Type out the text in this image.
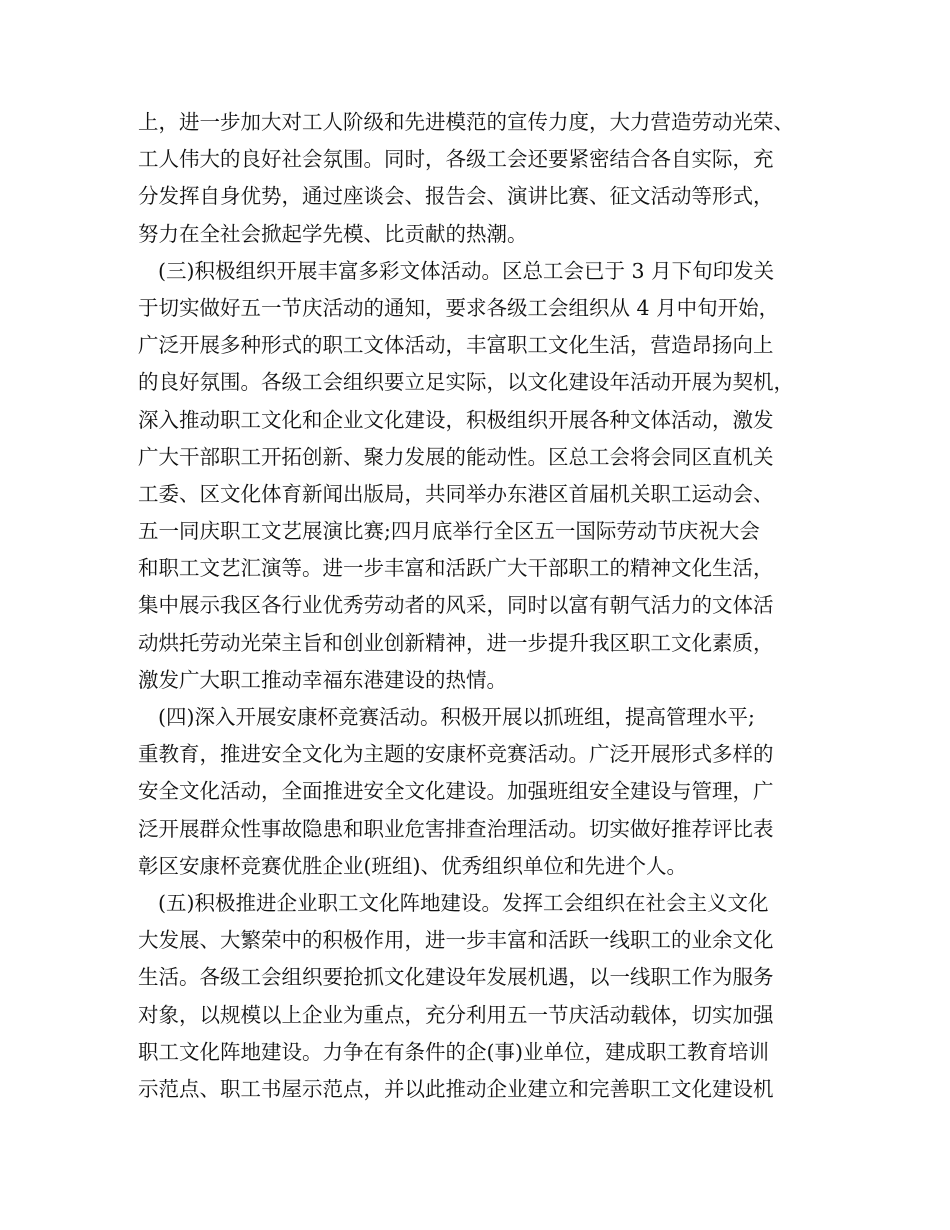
上，进一步加大对工人阶级和先进模范的宣传力度，大力营造劳动光荣、
工人伟大的良好社会氛围。同时，各级工会还要紧密结合各自实际，充
分发挥自身优势，通过座谈会、报告会、演讲比赛、征文活动等形式，
努力在全社会掀起学先模、比贡献的热潮。
(三)积极组织开展丰富多彩文体活动。区总工会已于 3 月下旬印发关
于切实做好五一节庆活动的通知，要求各级工会组织从 4 月中旬开始，
广泛开展多种形式的职工文体活动，丰富职工文化生活，营造昂扬向上
的良好氛围。各级工会组织要立足实际，以文化建设年活动开展为契机，
深入推动职工文化和企业文化建设，积极组织开展各种文体活动，激发
广大干部职工开拓创新、聚力发展的能动性。区总工会将会同区直机关
工委、区文化体育新闻出版局，共同举办东港区首届机关职工运动会、
五一同庆职工文艺展演比赛;四月底举行全区五一国际劳动节庆祝大会
和职工文艺汇演等。进一步丰富和活跃广大干部职工的精神文化生活，
集中展示我区各行业优秀劳动者的风采，同时以富有朝气活力的文体活
动烘托劳动光荣主旨和创业创新精神，进一步提升我区职工文化素质，
激发广大职工推动幸福东港建设的热情。
(四)深入开展安康杯竞赛活动。积极开展以抓班组，提高管理水平;
重教育，推进安全文化为主题的安康杯竞赛活动。广泛开展形式多样的
安全文化活动，全面推进安全文化建设。加强班组安全建设与管理，广
泛开展群众性事故隐患和职业危害排查治理活动。切实做好推荐评比表
彰区安康杯竞赛优胜企业(班组)、优秀组织单位和先进个人。
(五)积极推进企业职工文化阵地建设。发挥工会组织在社会主义文化
大发展、大繁荣中的积极作用，进一步丰富和活跃一线职工的业余文化
生活。各级工会组织要抢抓文化建设年发展机遇，以一线职工作为服务
对象，以规模以上企业为重点，充分利用五一节庆活动载体，切实加强
职工文化阵地建设。力争在有条件的企(事)业单位，建成职工教育培训
示范点、职工书屋示范点，并以此推动企业建立和完善职工文化建设机
